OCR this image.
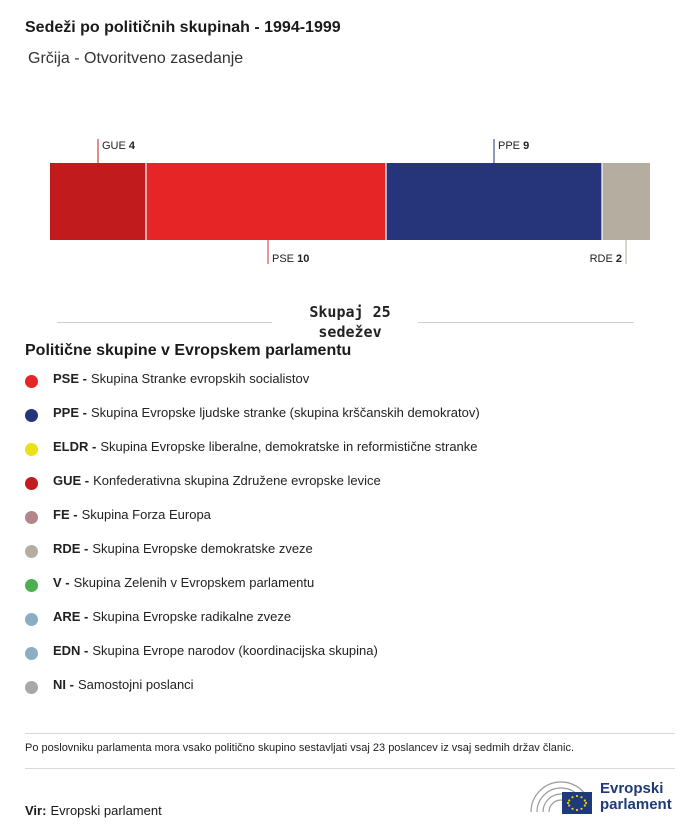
Sedeži po političnih skupinah - 1994-1999
Grčija - Otvoritveno zasedanje
GUE 4
PSE 10
PPE 9
RDE 2
Skupaj 25
sedežev
Politične skupine v Evropskem parlamentu
PSE - Skupina Stranke evropskih socialistov
PPE - Skupina Evropske ljudske stranke (skupina krščanskih demokratov)
ELDR - Skupina Evropske liberalne, demokratske in reformistične stranke
GUE - Konfederativna skupina Združene evropske levice
FE - Skupina Forza Europa
RDE - Skupina Evropske demokratske zveze
V - Skupina Zelenih v Evropskem parlamentu
ARE - Skupina Evropske radikalne zveze
EDN - Skupina Evrope narodov (koordinacijska skupina)
NI - Samostojni poslanci
Po poslovniku parlamenta mora vsako politično skupino sestavljati vsaj 23 poslancev iz vsaj sedmih držav članic.
Vir: Evropski parlament
Evropski
parlament
